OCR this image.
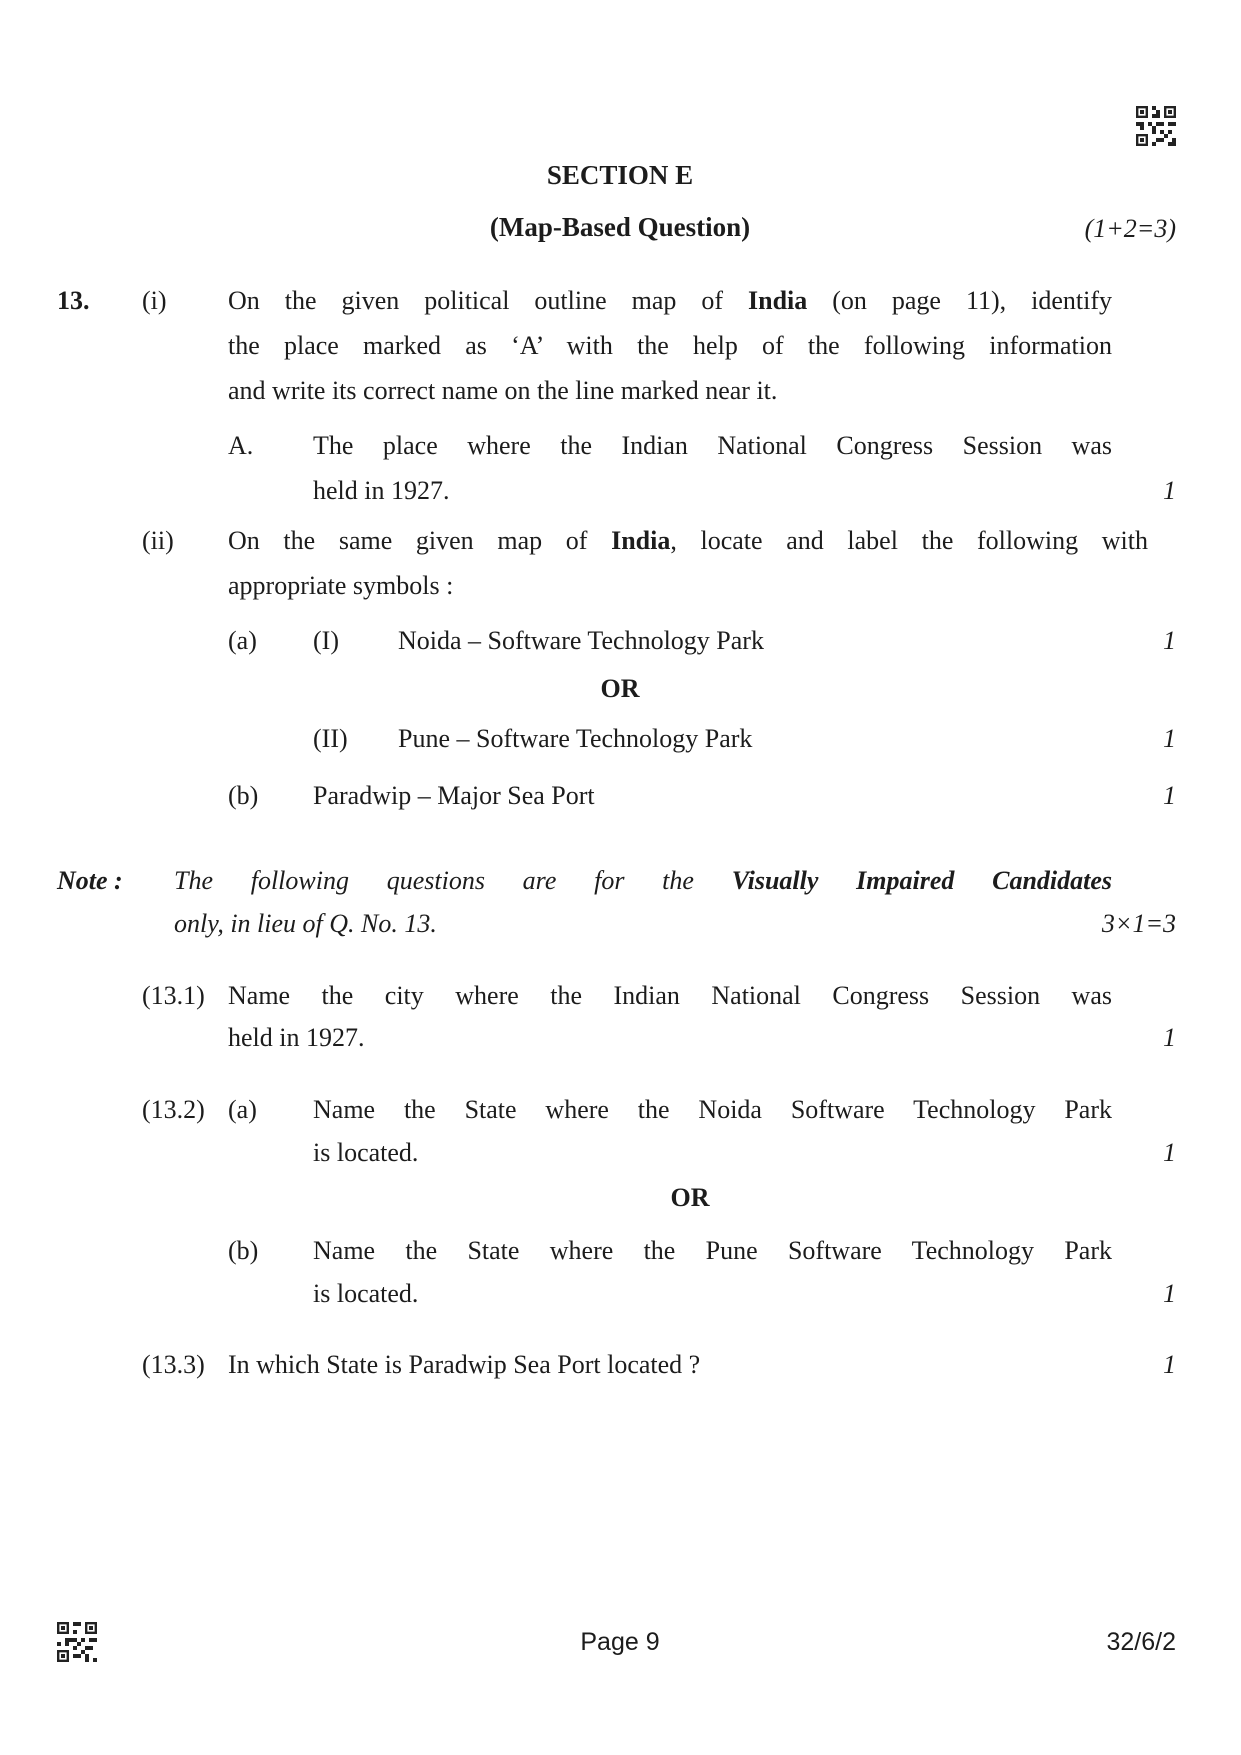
SECTION E
(Map-Based Question)	(1+2=3)
13. (i) On the given political outline map of India (on page 11), identify
the place marked as ‘A’ with the help of the following information
and write its correct name on the line marked near it.
A. The place where the Indian National Congress Session was
held in 1927.	1
(ii) On the same given map of India, locate and label the following with
appropriate symbols :
(a) (I) Noida – Software Technology Park	1
OR
(II) Pune – Software Technology Park	1
(b) Paradwip – Major Sea Port	1
Note : The following questions are for the Visually Impaired Candidates
only, in lieu of Q. No. 13.	3×1=3
(13.1) Name the city where the Indian National Congress Session was
held in 1927.	1
(13.2) (a) Name the State where the Noida Software Technology Park
is located.	1
OR
(b) Name the State where the Pune Software Technology Park
is located.	1
(13.3) In which State is Paradwip Sea Port located ?	1
Page 9	32/6/2
